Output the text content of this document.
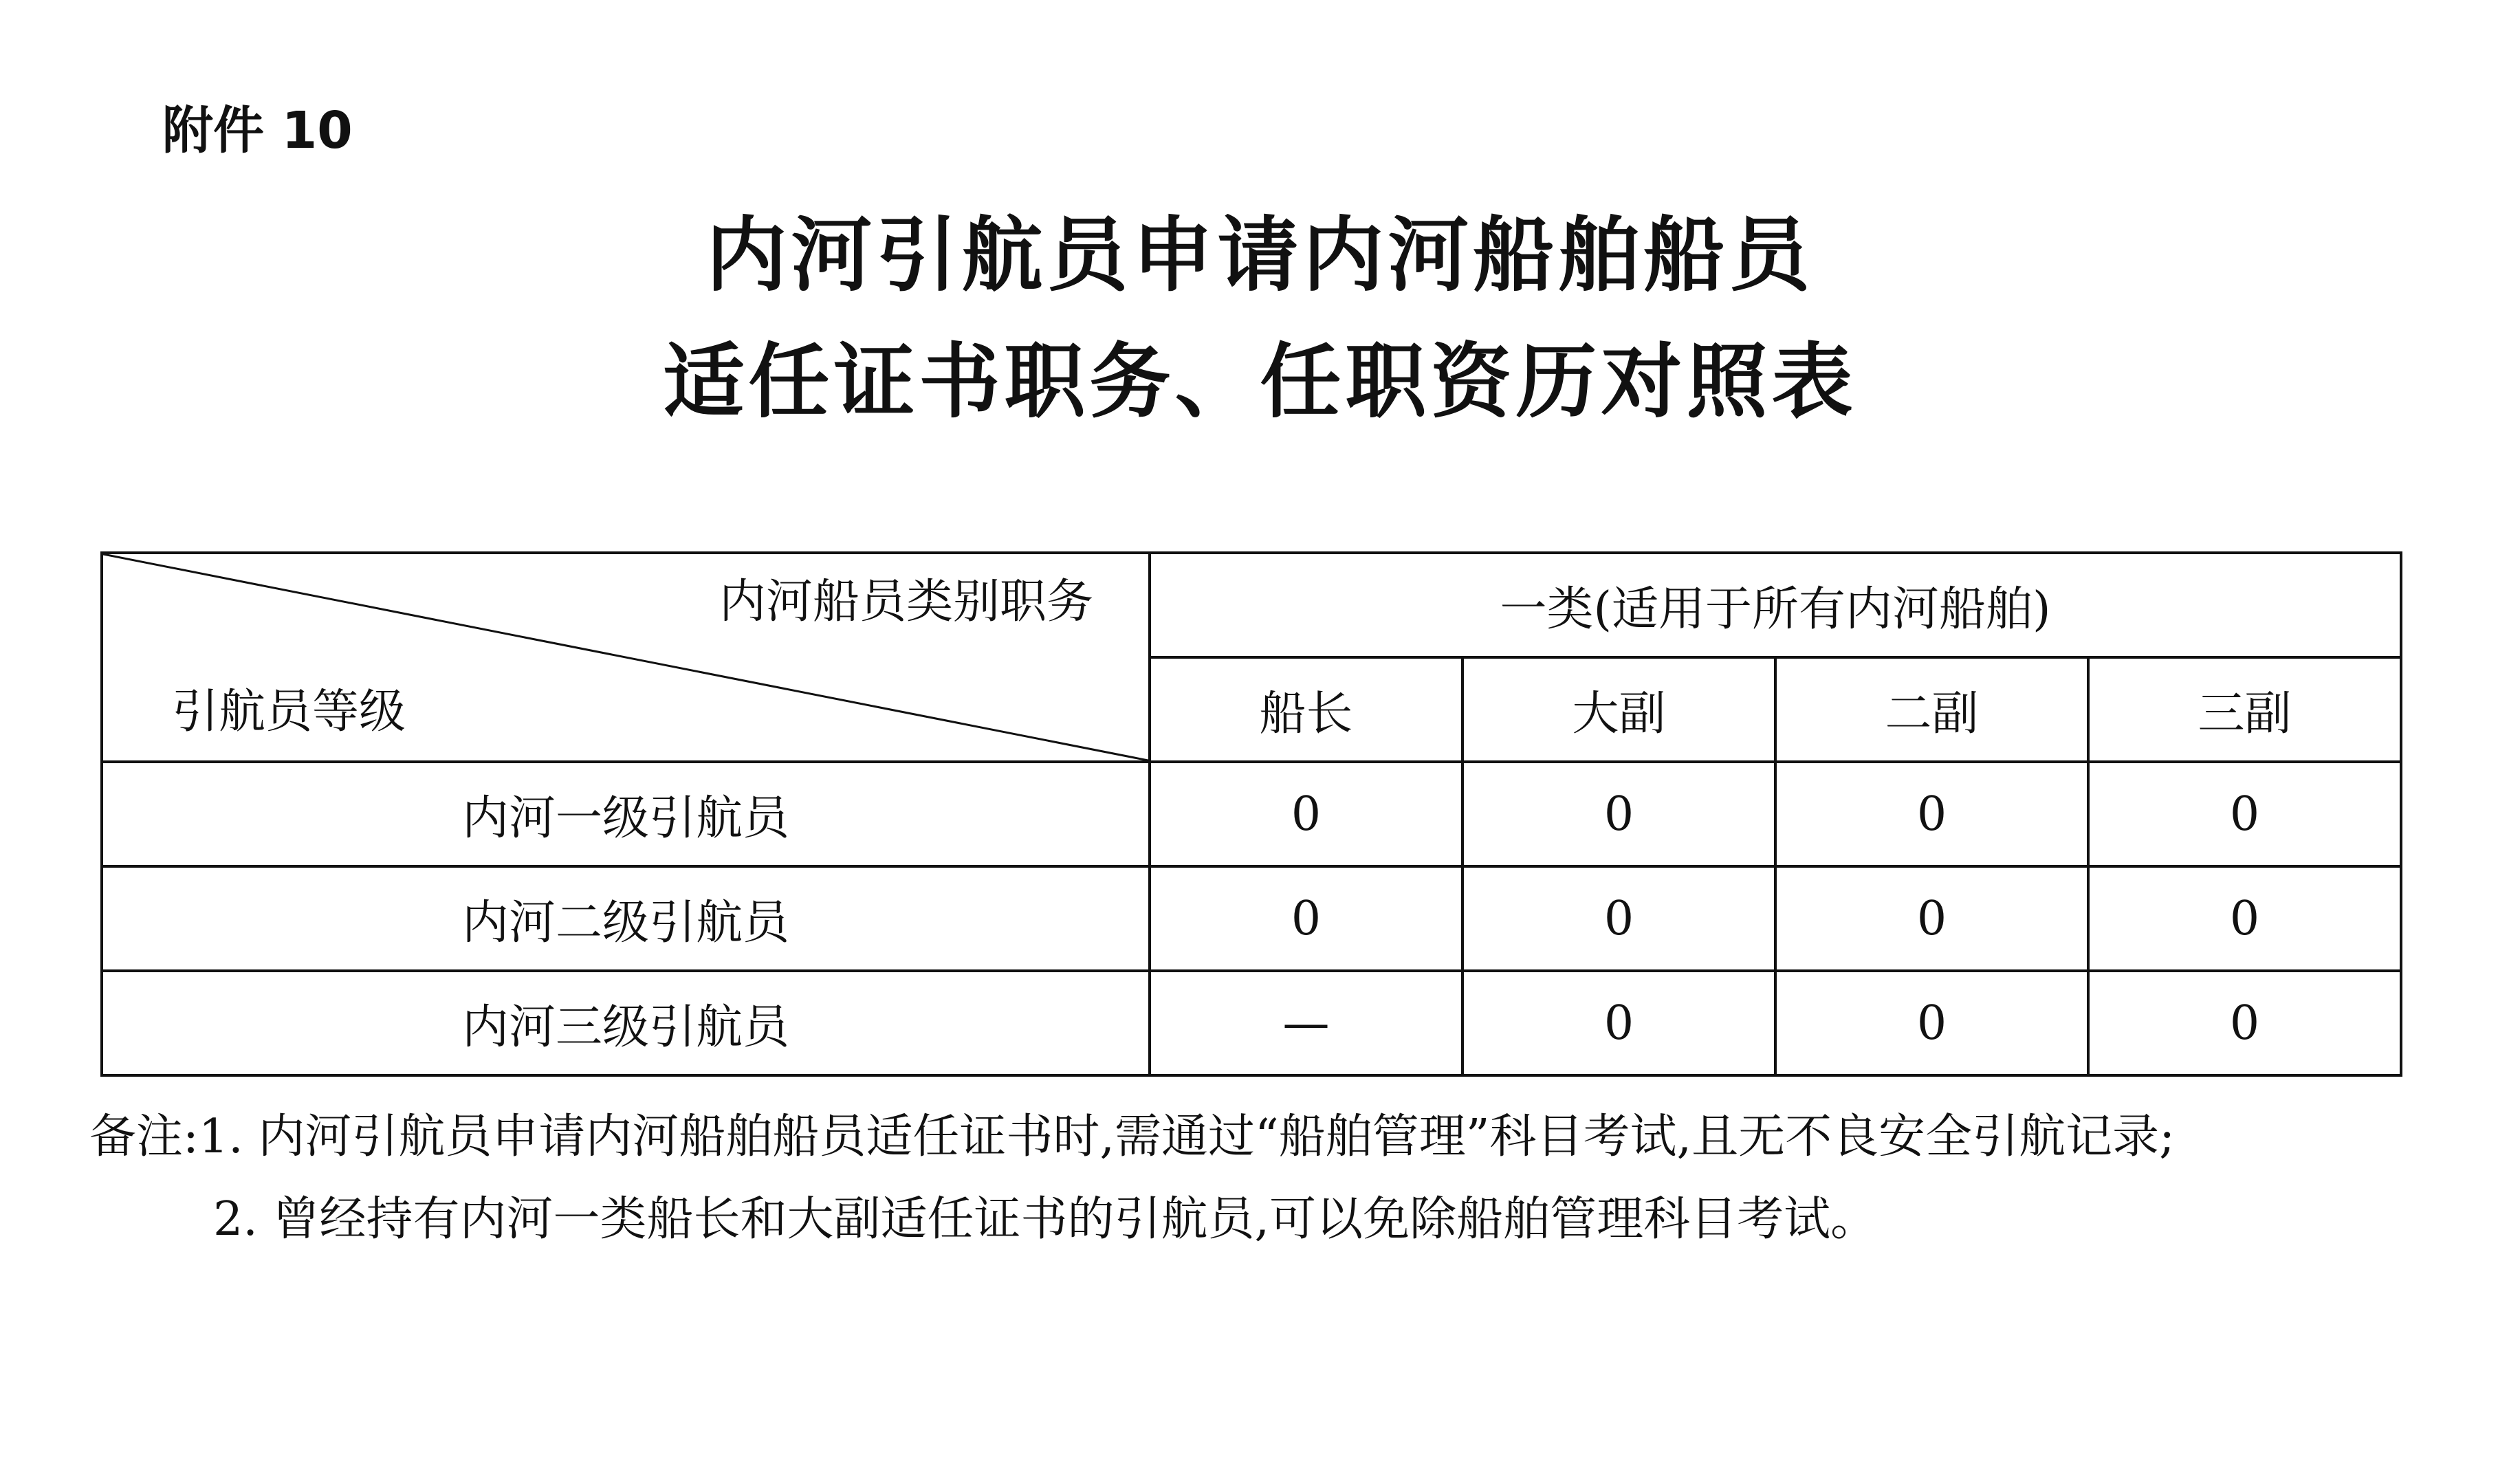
附件 10
内河引航员申请内河船舶船员
适任证书职务、任职资历对照表
内河船员类别职务
引航员等级	一类(适用于所有内河船舶)			
	船长	大副	二副	三副
内河一级引航员	0	0	0	0
内河二级引航员	0	0	0	0
内河三级引航员	—	0	0	0
备注:1. 内河引航员申请内河船舶船员适任证书时,需通过“船舶管理”科目考试,且无不良安全引航记录;
2. 曾经持有内河一类船长和大副适任证书的引航员,可以免除船舶管理科目考试。
